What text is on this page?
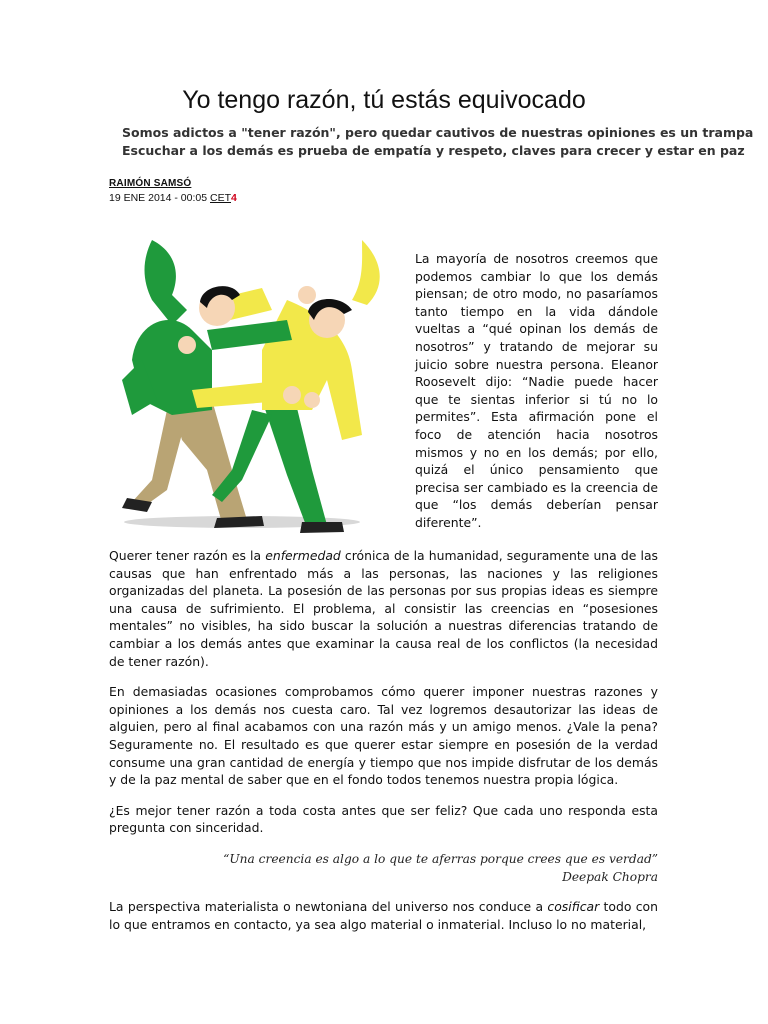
Yo tengo razón, tú estás equivocado
Somos adictos a "tener razón", pero quedar cautivos de nuestras opiniones es un trampa
Escuchar a los demás es prueba de empatía y respeto, claves para crecer y estar en paz
RAIMÓN SAMSÓ
19 ENE 2014 - 00:05 CET4
La mayoría de nosotros creemos que podemos cambiar lo que los demás piensan; de otro modo, no pasaríamos tanto tiempo en la vida dándole vueltas a “qué opinan los demás de nosotros” y tratando de mejorar su juicio sobre nuestra persona. Eleanor Roosevelt dijo: “Nadie puede hacer que te sientas inferior si tú no lo permites”. Esta afirmación pone el foco de atención hacia nosotros mismos y no en los demás; por ello, quizá el único pensamiento que precisa ser cambiado es la creencia de que “los demás deberían pensar diferente”.

Querer tener razón es la enfermedad crónica de la humanidad, seguramente una de las causas que han enfrentado más a las personas, las naciones y las religiones organizadas del planeta. La posesión de las personas por sus propias ideas es siempre una causa de sufrimiento. El problema, al consistir las creencias en “posesiones mentales” no visibles, ha sido buscar la solución a nuestras diferencias tratando de cambiar a los demás antes que examinar la causa real de los conflictos (la necesidad de tener razón).

En demasiadas ocasiones comprobamos cómo querer imponer nuestras razones y opiniones a los demás nos cuesta caro. Tal vez logremos desautorizar las ideas de alguien, pero al final acabamos con una razón más y un amigo menos. ¿Vale la pena? Seguramente no. El resultado es que querer estar siempre en posesión de la verdad consume una gran cantidad de energía y tiempo que nos impide disfrutar de los demás y de la paz mental de saber que en el fondo todos tenemos nuestra propia lógica.

¿Es mejor tener razón a toda costa antes que ser feliz? Que cada uno responda esta pregunta con sinceridad.

“Una creencia es algo a lo que te aferras porque crees que es verdad”
Deepak Chopra

La perspectiva materialista o newtoniana del universo nos conduce a cosificar todo con lo que entramos en contacto, ya sea algo material o inmaterial. Incluso lo no material,
